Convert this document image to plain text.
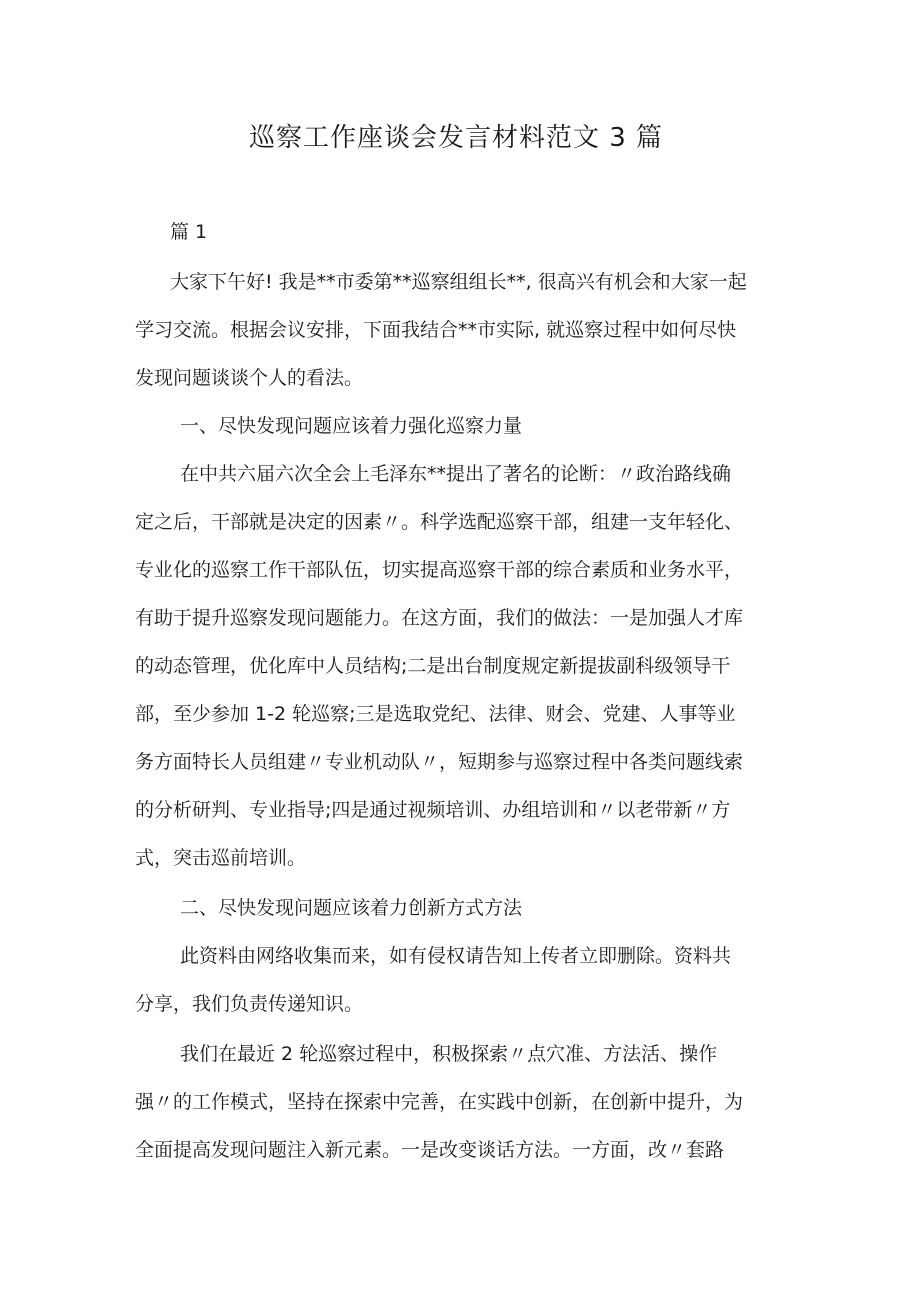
巡察工作座谈会发言材料范文 3 篇
篇 1
大家下午好! 我是**市委第**巡察组组长**, 很高兴有机会和大家一起
学习交流。根据会议安排，下面我结合**市实际, 就巡察过程中如何尽快
发现问题谈谈个人的看法。
一、尽快发现问题应该着力强化巡察力量
在中共六届六次全会上毛泽东**提出了著名的论断：〃政治路线确
定之后，干部就是决定的因素〃。科学选配巡察干部，组建一支年轻化、
专业化的巡察工作干部队伍，切实提高巡察干部的综合素质和业务水平，
有助于提升巡察发现问题能力。在这方面，我们的做法：一是加强人才库
的动态管理，优化库中人员结构;二是出台制度规定新提拔副科级领导干
部，至少参加 1-2 轮巡察;三是选取党纪、法律、财会、党建、人事等业
务方面特长人员组建〃专业机动队〃，短期参与巡察过程中各类问题线索
的分析研判、专业指导;四是通过视频培训、办组培训和〃以老带新〃方
式，突击巡前培训。
二、尽快发现问题应该着力创新方式方法
此资料由网络收集而来，如有侵权请告知上传者立即删除。资料共
分享，我们负责传递知识。
我们在最近 2 轮巡察过程中，积极探索〃点穴准、方法活、操作
强〃的工作模式，坚持在探索中完善，在实践中创新，在创新中提升，为
全面提高发现问题注入新元素。一是改变谈话方法。一方面，改〃套路
